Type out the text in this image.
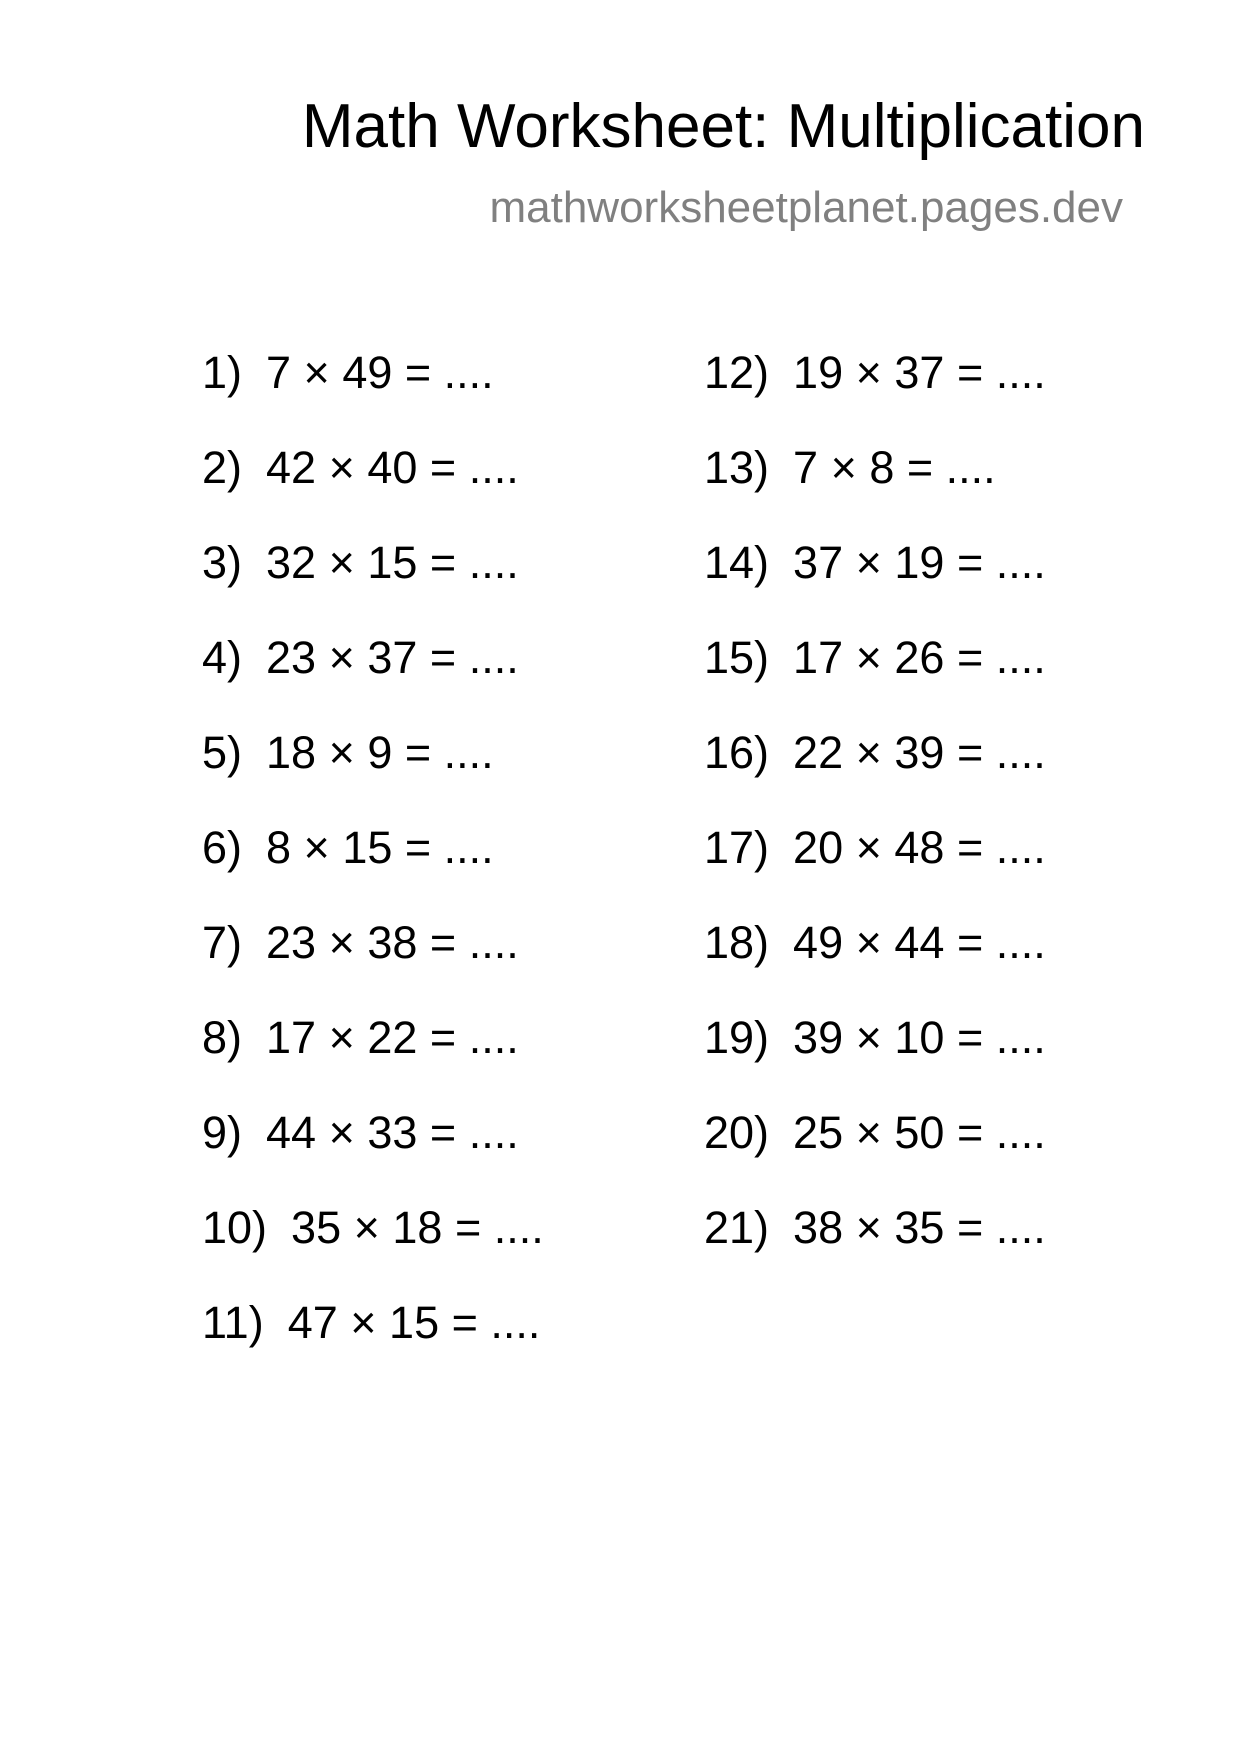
Math Worksheet: Multiplication
mathworksheetplanet.pages.dev
1) 7 × 49 = ....
2) 42 × 40 = ....
3) 32 × 15 = ....
4) 23 × 37 = ....
5) 18 × 9 = ....
6) 8 × 15 = ....
7) 23 × 38 = ....
8) 17 × 22 = ....
9) 44 × 33 = ....
10) 35 × 18 = ....
11) 47 × 15 = ....
12) 19 × 37 = ....
13) 7 × 8 = ....
14) 37 × 19 = ....
15) 17 × 26 = ....
16) 22 × 39 = ....
17) 20 × 48 = ....
18) 49 × 44 = ....
19) 39 × 10 = ....
20) 25 × 50 = ....
21) 38 × 35 = ....
